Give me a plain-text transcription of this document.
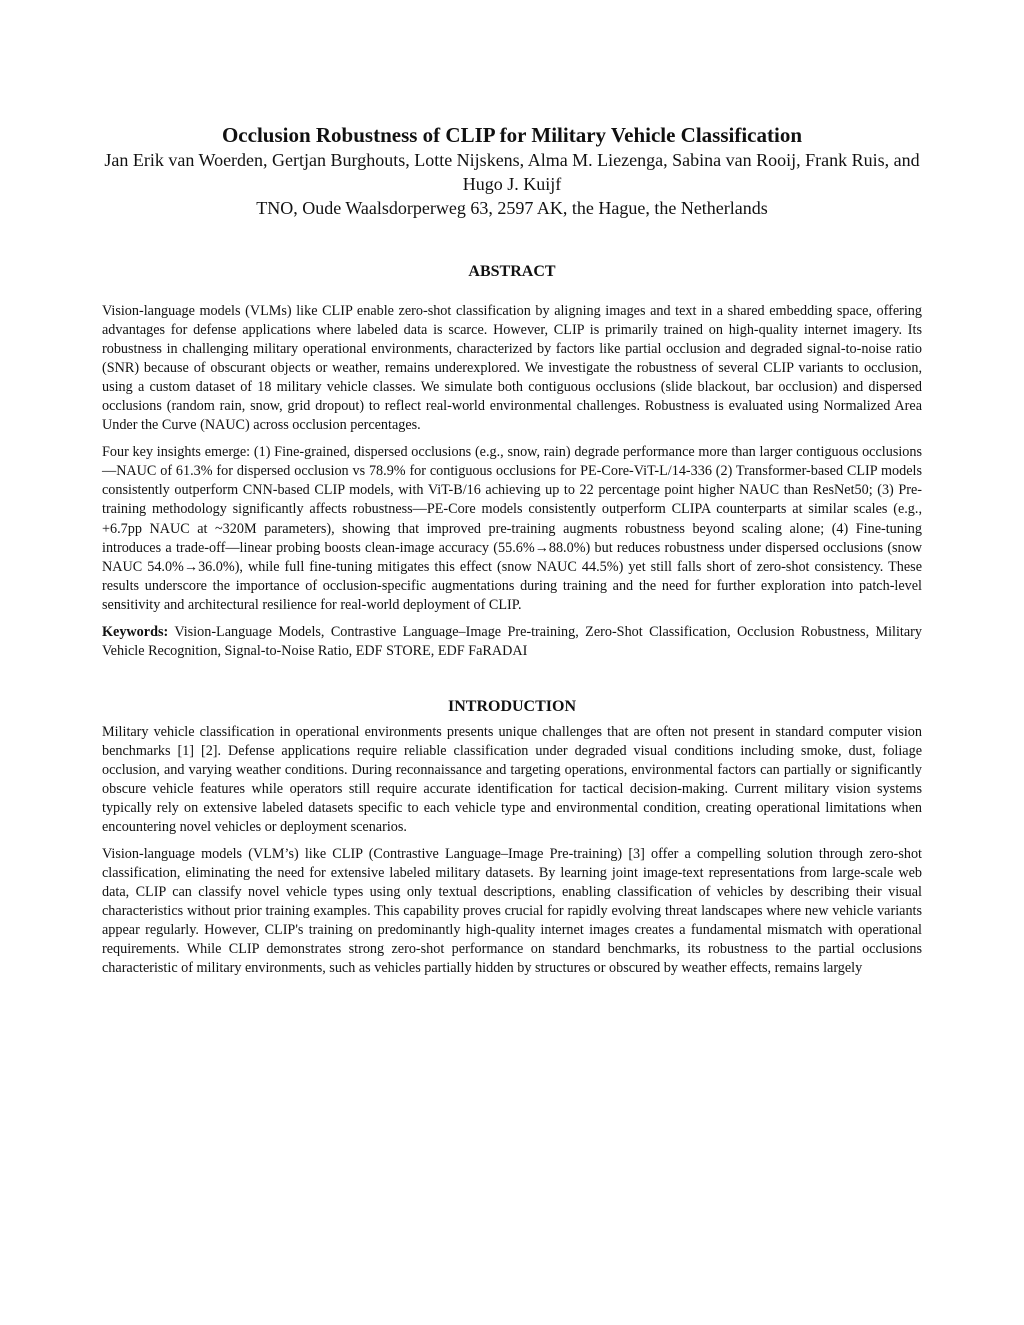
Occlusion Robustness of CLIP for Military Vehicle Classification

Jan Erik van Woerden, Gertjan Burghouts, Lotte Nijskens, Alma M. Liezenga, Sabina van Rooij, Frank Ruis, and Hugo J. Kuijf

TNO, Oude Waalsdorperweg 63, 2597 AK, the Hague, the Netherlands

ABSTRACT

Vision-language models (VLMs) like CLIP enable zero-shot classification by aligning images and text in a shared embedding space, offering advantages for defense applications where labeled data is scarce. However, CLIP is primarily trained on high-quality internet imagery. Its robustness in challenging military operational environments, characterized by factors like partial occlusion and degraded signal-to-noise ratio (SNR) because of obscurant objects or weather, remains underexplored. We investigate the robustness of several CLIP variants to occlusion, using a custom dataset of 18 military vehicle classes. We simulate both contiguous occlusions (slide blackout, bar occlusion) and dispersed occlusions (random rain, snow, grid dropout) to reflect real-world environmental challenges. Robustness is evaluated using Normalized Area Under the Curve (NAUC) across occlusion percentages.

Four key insights emerge: (1) Fine-grained, dispersed occlusions (e.g., snow, rain) degrade performance more than larger contiguous occlusions—NAUC of 61.3% for dispersed occlusion vs 78.9% for contiguous occlusions for PE-Core-ViT-L/14-336 (2) Transformer-based CLIP models consistently outperform CNN-based CLIP models, with ViT-B/16 achieving up to 22 percentage point higher NAUC than ResNet50; (3) Pre-training methodology significantly affects robustness—PE-Core models consistently outperform CLIPA counterparts at similar scales (e.g., +6.7pp NAUC at ~320M parameters), showing that improved pre-training augments robustness beyond scaling alone; (4) Fine-tuning introduces a trade-off—linear probing boosts clean-image accuracy (55.6%→88.0%) but reduces robustness under dispersed occlusions (snow NAUC 54.0%→36.0%), while full fine-tuning mitigates this effect (snow NAUC 44.5%) yet still falls short of zero-shot consistency. These results underscore the importance of occlusion-specific augmentations during training and the need for further exploration into patch-level sensitivity and architectural resilience for real-world deployment of CLIP.

Keywords: Vision-Language Models, Contrastive Language–Image Pre-training, Zero-Shot Classification, Occlusion Robustness, Military Vehicle Recognition, Signal-to-Noise Ratio, EDF STORE, EDF FaRADAI

INTRODUCTION

Military vehicle classification in operational environments presents unique challenges that are often not present in standard computer vision benchmarks [1] [2]. Defense applications require reliable classification under degraded visual conditions including smoke, dust, foliage occlusion, and varying weather conditions. During reconnaissance and targeting operations, environmental factors can partially or significantly obscure vehicle features while operators still require accurate identification for tactical decision-making. Current military vision systems typically rely on extensive labeled datasets specific to each vehicle type and environmental condition, creating operational limitations when encountering novel vehicles or deployment scenarios.

Vision-language models (VLM’s) like CLIP (Contrastive Language–Image Pre-training) [3] offer a compelling solution through zero-shot classification, eliminating the need for extensive labeled military datasets. By learning joint image-text representations from large-scale web data, CLIP can classify novel vehicle types using only textual descriptions, enabling classification of vehicles by describing their visual characteristics without prior training examples. This capability proves crucial for rapidly evolving threat landscapes where new vehicle variants appear regularly. However, CLIP's training on predominantly high-quality internet images creates a fundamental mismatch with operational requirements. While CLIP demonstrates strong zero-shot performance on standard benchmarks, its robustness to the partial occlusions characteristic of military environments, such as vehicles partially hidden by structures or obscured by weather effects, remains largely
